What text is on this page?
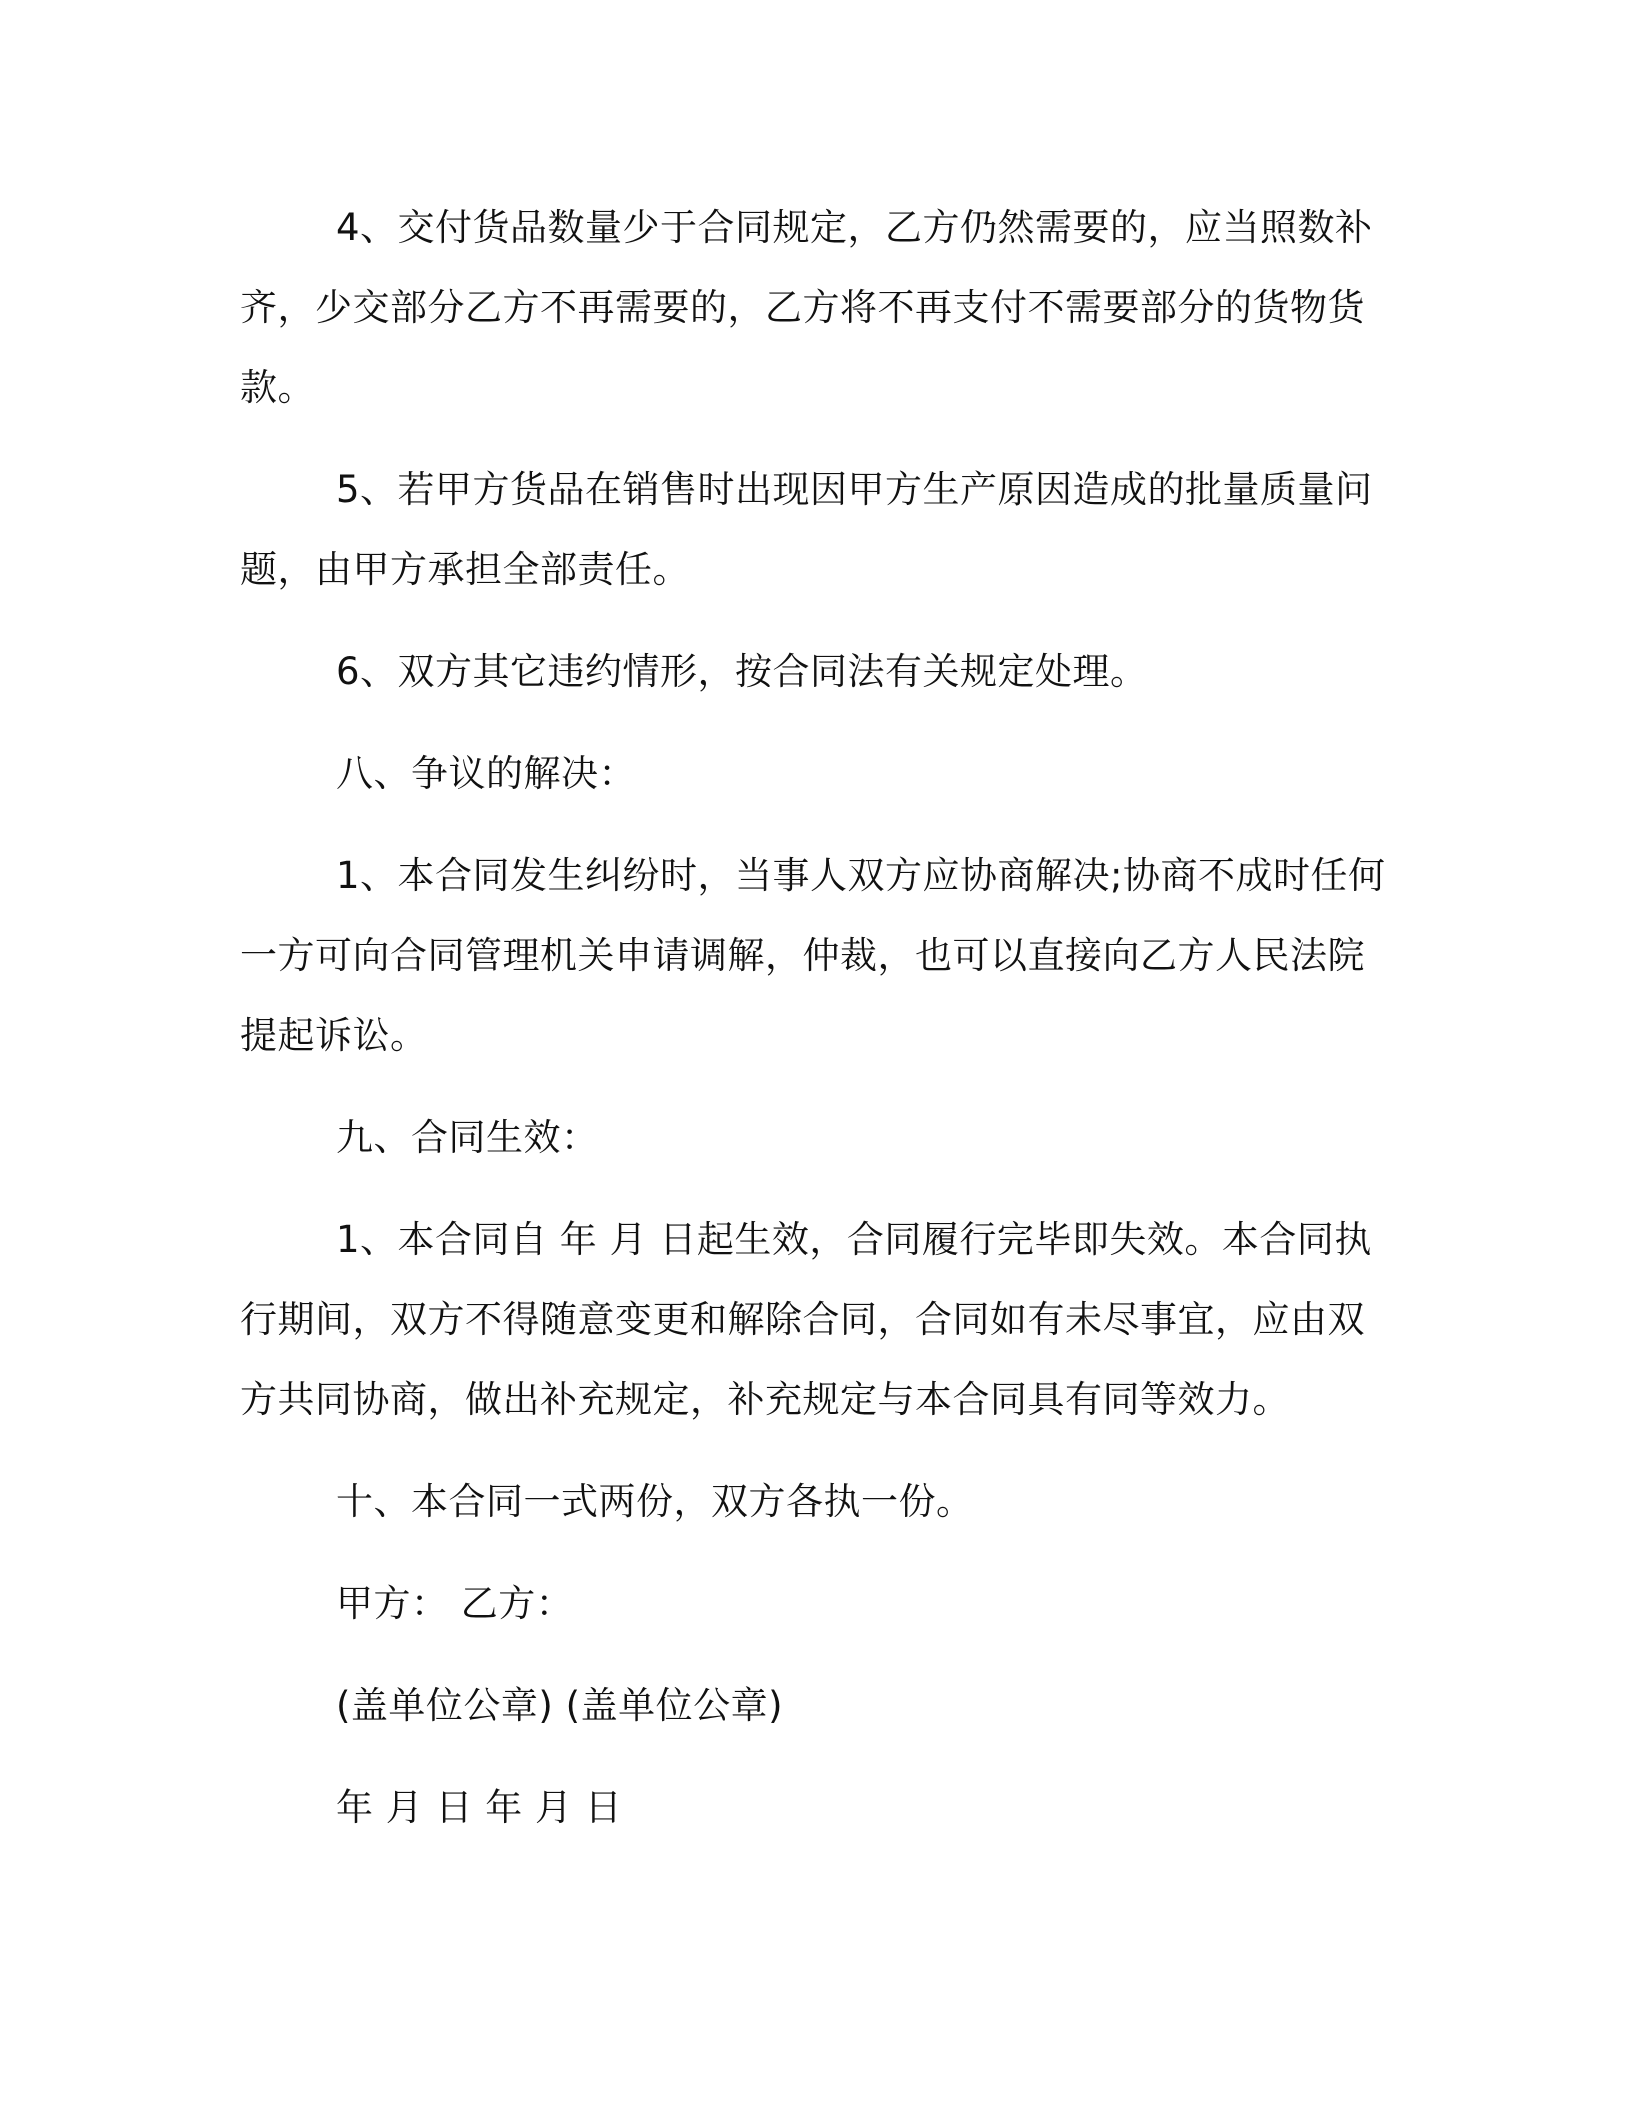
4、交付货品数量少于合同规定，乙方仍然需要的，应当照数补齐，少交部分乙方不再需要的，乙方将不再支付不需要部分的货物货款。

5、若甲方货品在销售时出现因甲方生产原因造成的批量质量问题，由甲方承担全部责任。

6、双方其它违约情形，按合同法有关规定处理。

八、争议的解决：

1、本合同发生纠纷时，当事人双方应协商解决;协商不成时任何一方可向合同管理机关申请调解，仲裁，也可以直接向乙方人民法院提起诉讼。

九、合同生效：

1、本合同自 年 月 日起生效，合同履行完毕即失效。本合同执行期间，双方不得随意变更和解除合同，合同如有未尽事宜，应由双方共同协商，做出补充规定，补充规定与本合同具有同等效力。

十、本合同一式两份，双方各执一份。

甲方： 乙方：

(盖单位公章) (盖单位公章)

年 月 日 年 月 日
